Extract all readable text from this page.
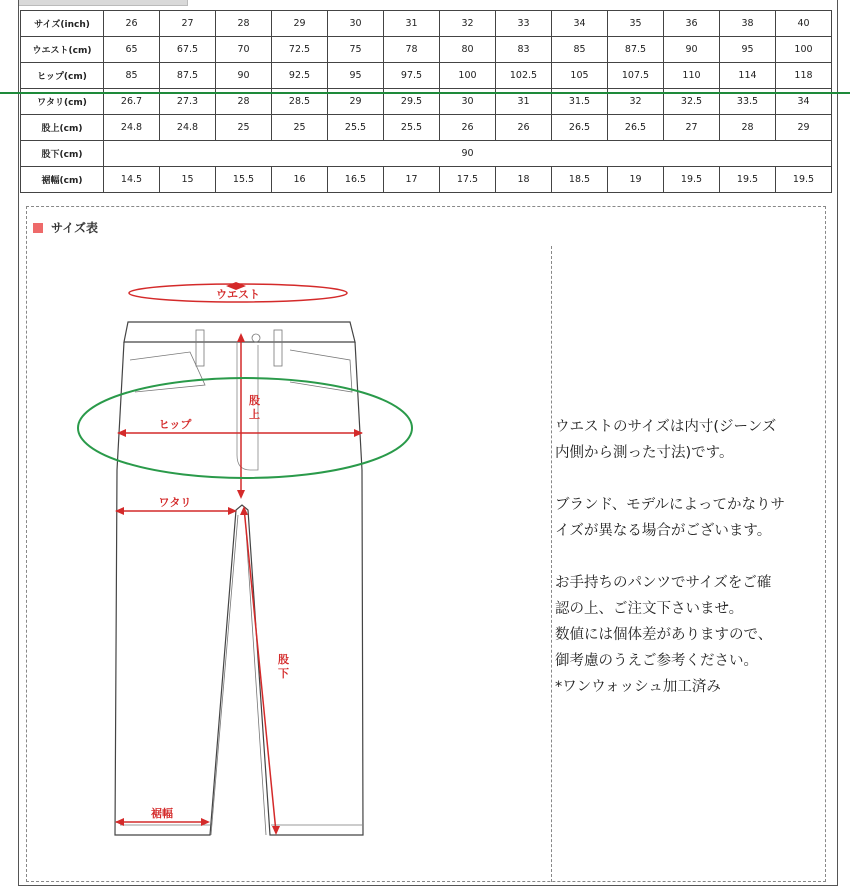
サイズ(inch)	26	27	28	29	30	31	32	33	34	35	36	38	40
ウエスト(cm)	65	67.5	70	72.5	75	78	80	83	85	87.5	90	95	100
ヒップ(cm)	85	87.5	90	92.5	95	97.5	100	102.5	105	107.5	110	114	118
ワタリ(cm)	26.7	27.3	28	28.5	29	29.5	30	31	31.5	32	32.5	33.5	34
股上(cm)	24.8	24.8	25	25	25.5	25.5	26	26	26.5	26.5	27	28	29
股下(cm)	90												
裾幅(cm)	14.5	15	15.5	16	16.5	17	17.5	18	18.5	19	19.5	19.5	19.5
サイズ表
ウエスト
股上
ヒップ
ワタリ
股下
裾幅

ウエストのサイズは内寸(ジーンズ

内側から測った寸法)です。

ブランド、モデルによってかなりサ

イズが異なる場合がございます。

お手持ちのパンツでサイズをご確

認の上、ご注文下さいませ。

数値には個体差がありますので、

御考慮のうえご参考ください。

*ワンウォッシュ加工済み
